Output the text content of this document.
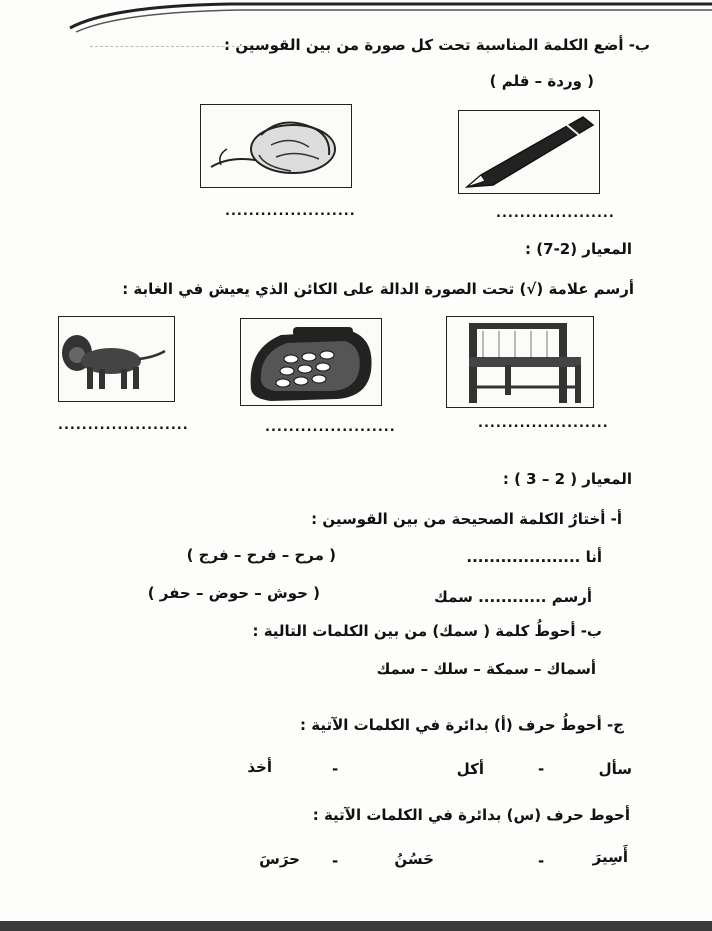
ب- أضع الكلمة المناسبة تحت كل صورة من بين القوسين :
( وردة – قلم )
......................	....................
المعيار (2-7) :
أرسم علامة (√) تحت الصورة الدالة على الكائن الذي يعيش في الغابة :
......................	......................	......................
المعيار ( 2 – 3 ) :
أ- أختارُ الكلمة الصحيحة من بين القوسين :
أنا ....................
( مرح – فرح – فرج )
أرسم ............ سمك
( حوش – حوض – حفر )
ب- أحوطُ كلمة ( سمك) من بين الكلمات التالية :
أسماك – سمكة – سلك – سمك
ج- أحوطُ حرف (أ) بدائرة في الكلمات الآتية :
سأل
-
أكل
-
أخذ
أحوط حرف (س) بدائرة في الكلمات الآتية :
أَسِيرَ
-
حَسُنُ
-
حرَسَ
